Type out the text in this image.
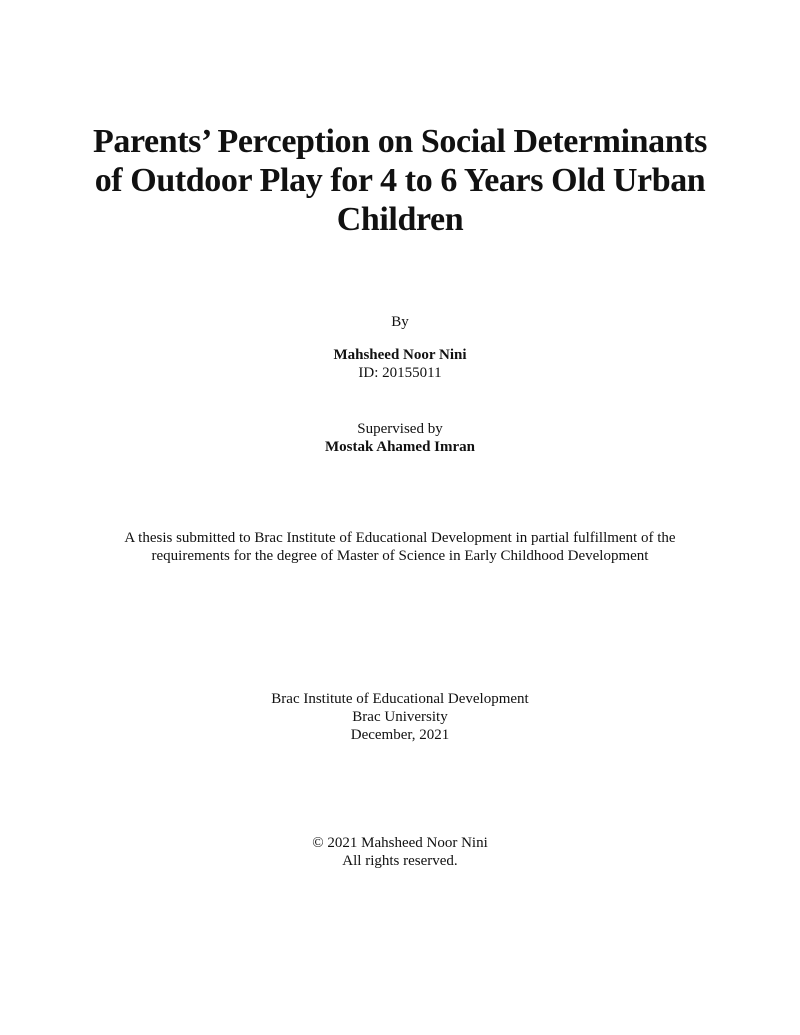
Parents’ Perception on Social Determinants
of Outdoor Play for 4 to 6 Years Old Urban
Children
By
Mahsheed Noor Nini
ID: 20155011
Supervised by
Mostak Ahamed Imran
A thesis submitted to Brac Institute of Educational Development in partial fulfillment of the
requirements for the degree of Master of Science in Early Childhood Development
Brac Institute of Educational Development
Brac University
December, 2021
© 2021 Mahsheed Noor Nini
All rights reserved.
